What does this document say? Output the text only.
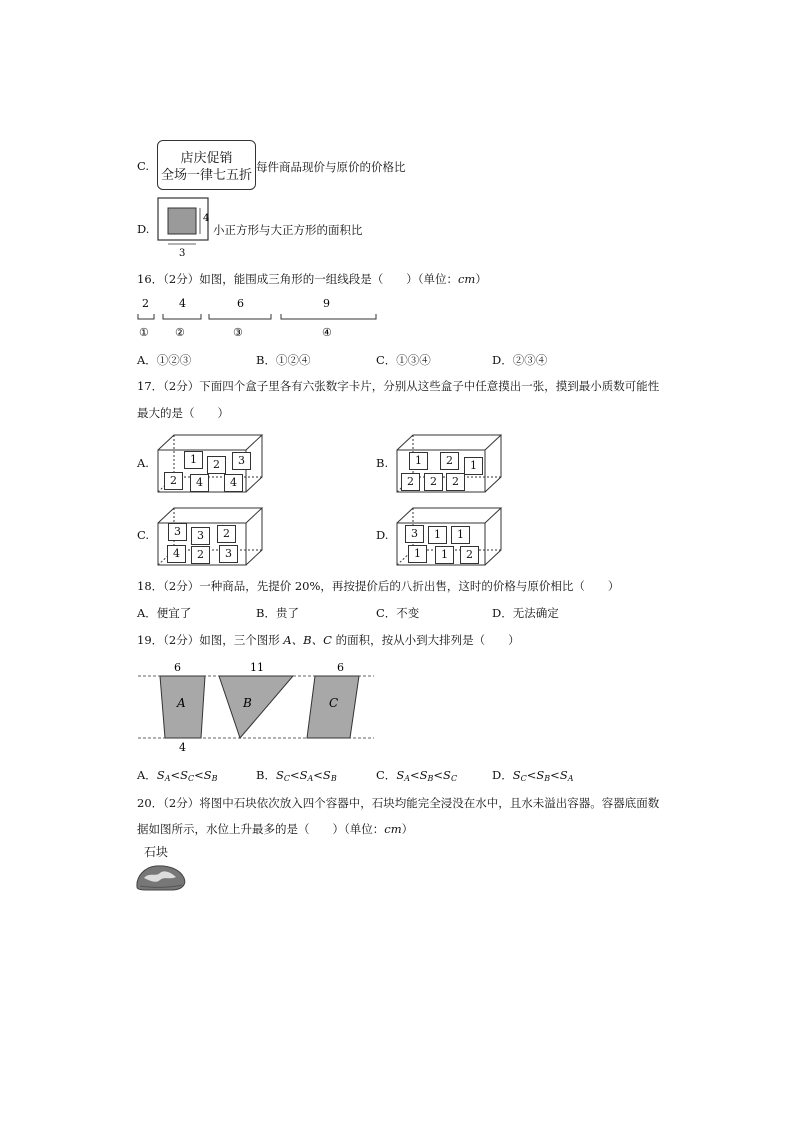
C.	店庆促销
全场一律七五折
每件商品现价与原价的价格比
D.
4
3
小正方形与大正方形的面积比
16．（2分）如图，能围成三角形的一组线段是（　　）（单位：cm）
2	4	6	9
① ②	③	④
A．①②③	B．①②④	C．①③④	D．②③④
17．（2分）下面四个盒子里各有六张数字卡片，分别从这些盒子中任意摸出一张，摸到最小质数可能性
最大的是（　　）
A.	1	2	3
2	4	4
B.	1	2	1
2	2	2
C.	3	3	2
4	2	3
D.	3	1	1
1	1	2
18．（2分）一种商品，先提价 20%，再按提价后的八折出售，这时的价格与原价相比（　　）
A．便宜了	B．贵了	C．不变	D．无法确定
19．（2分）如图，三个图形 A、B、C 的面积，按从小到大排列是（　　）
6	11	6
4
A	B	C
A．$S_A<S_C<S_B$	B．$S_C<S_A<S_B$	C．$S_A<S_B<S_C$	D．$S_C<S_B<S_A$
20．（2分）将图中石块依次放入四个容器中，石块均能完全浸没在水中，且水未溢出容器。容器底面数
据如图所示，水位上升最多的是（　　）（单位：cm）
石块
